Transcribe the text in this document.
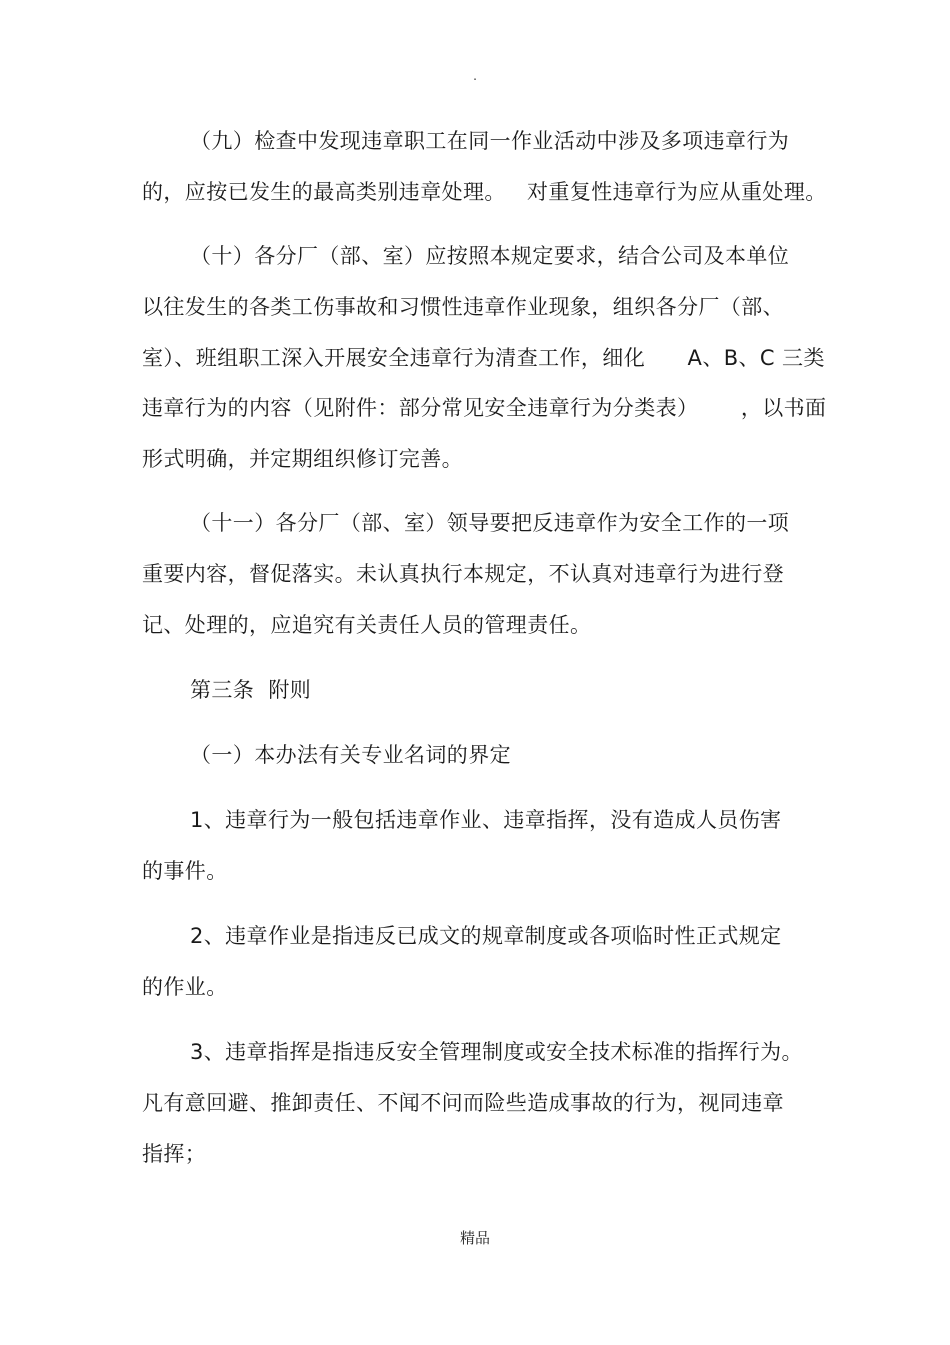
.
（九）检查中发现违章职工在同一作业活动中涉及多项违章行为
的，应按已发生的最高类别违章处理。   对重复性违章行为应从重处理。
（十）各分厂（部、室）应按照本规定要求，结合公司及本单位
以往发生的各类工伤事故和习惯性违章作业现象，组织各分厂（部、
室）、班组职工深入开展安全违章行为清查工作，细化      A、B、C 三类
违章行为的内容（见附件：部分常见安全违章行为分类表）      ，以书面
形式明确，并定期组织修订完善。
（十一）各分厂（部、室）领导要把反违章作为安全工作的一项
重要内容，督促落实。未认真执行本规定，不认真对违章行为进行登
记、处理的，应追究有关责任人员的管理责任。
第三条  附则
（一）本办法有关专业名词的界定
1、违章行为一般包括违章作业、违章指挥，没有造成人员伤害
的事件。
2、违章作业是指违反已成文的规章制度或各项临时性正式规定
的作业。
3、违章指挥是指违反安全管理制度或安全技术标准的指挥行为。
凡有意回避、推卸责任、不闻不问而险些造成事故的行为，视同违章
指挥；
精品
